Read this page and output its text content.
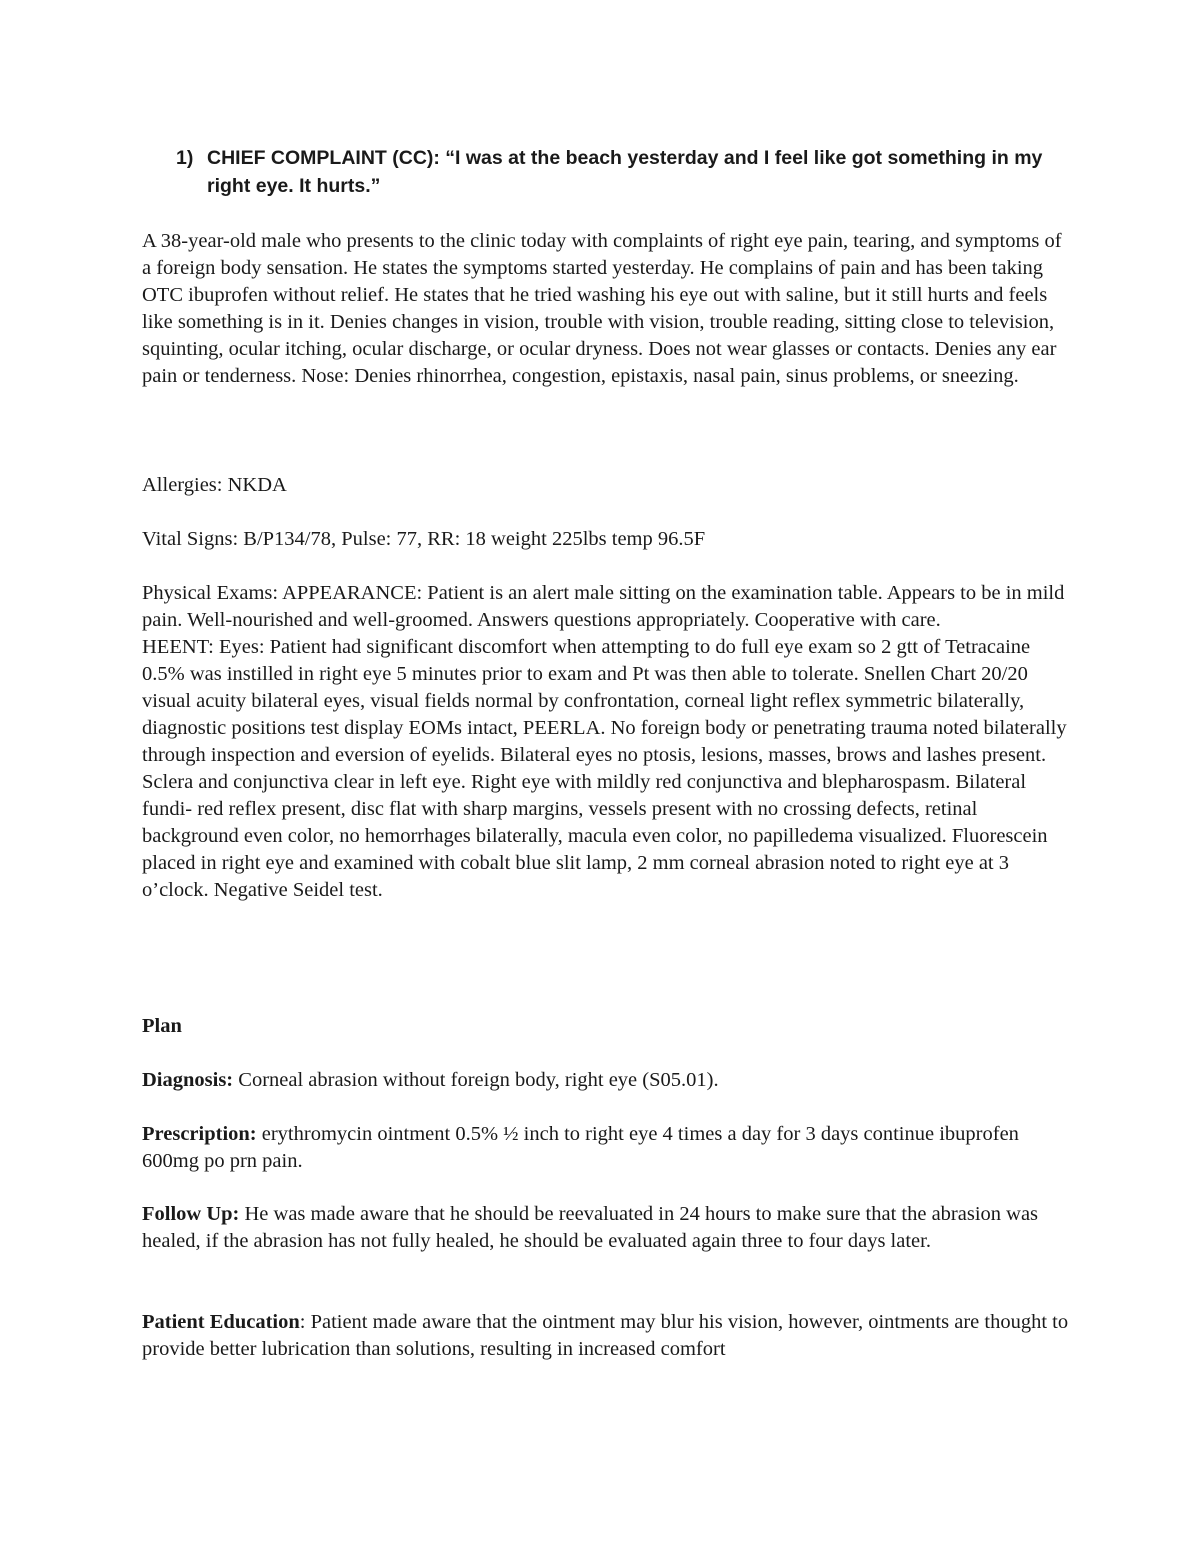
1) CHIEF COMPLAINT (CC): “I was at the beach yesterday and I feel like got something in my right eye. It hurts.”

A 38-year-old male who presents to the clinic today with complaints of right eye pain, tearing, and symptoms of a foreign body sensation. He states the symptoms started yesterday. He complains of pain and has been taking OTC ibuprofen without relief. He states that he tried washing his eye out with saline, but it still hurts and feels like something is in it. Denies changes in vision, trouble with vision, trouble reading, sitting close to television, squinting, ocular itching, ocular discharge, or ocular dryness. Does not wear glasses or contacts. Denies any ear pain or tenderness. Nose: Denies rhinorrhea, congestion, epistaxis, nasal pain, sinus problems, or sneezing.

Allergies: NKDA

Vital Signs: B/P134/78, Pulse: 77, RR: 18 weight 225lbs temp 96.5F

Physical Exams: APPEARANCE: Patient is an alert male sitting on the examination table. Appears to be in mild pain. Well-nourished and well-groomed. Answers questions appropriately. Cooperative with care.
HEENT: Eyes: Patient had significant discomfort when attempting to do full eye exam so 2 gtt of Tetracaine 0.5% was instilled in right eye 5 minutes prior to exam and Pt was then able to tolerate. Snellen Chart 20/20 visual acuity bilateral eyes, visual fields normal by confrontation, corneal light reflex symmetric bilaterally, diagnostic positions test display EOMs intact, PEERLA. No foreign body or penetrating trauma noted bilaterally through inspection and eversion of eyelids. Bilateral eyes no ptosis, lesions, masses, brows and lashes present. Sclera and conjunctiva clear in left eye. Right eye with mildly red conjunctiva and blepharospasm. Bilateral fundi- red reflex present, disc flat with sharp margins, vessels present with no crossing defects, retinal background even color, no hemorrhages bilaterally, macula even color, no papilledema visualized. Fluorescein placed in right eye and examined with cobalt blue slit lamp, 2 mm corneal abrasion noted to right eye at 3 o’clock. Negative Seidel test.

Plan

Diagnosis: Corneal abrasion without foreign body, right eye (S05.01).

Prescription: erythromycin ointment 0.5% ½ inch to right eye 4 times a day for 3 days continue ibuprofen 600mg po prn pain.

Follow Up: He was made aware that he should be reevaluated in 24 hours to make sure that the abrasion was healed, if the abrasion has not fully healed, he should be evaluated again three to four days later.

Patient Education: Patient made aware that the ointment may blur his vision, however, ointments are thought to provide better lubrication than solutions, resulting in increased comfort
